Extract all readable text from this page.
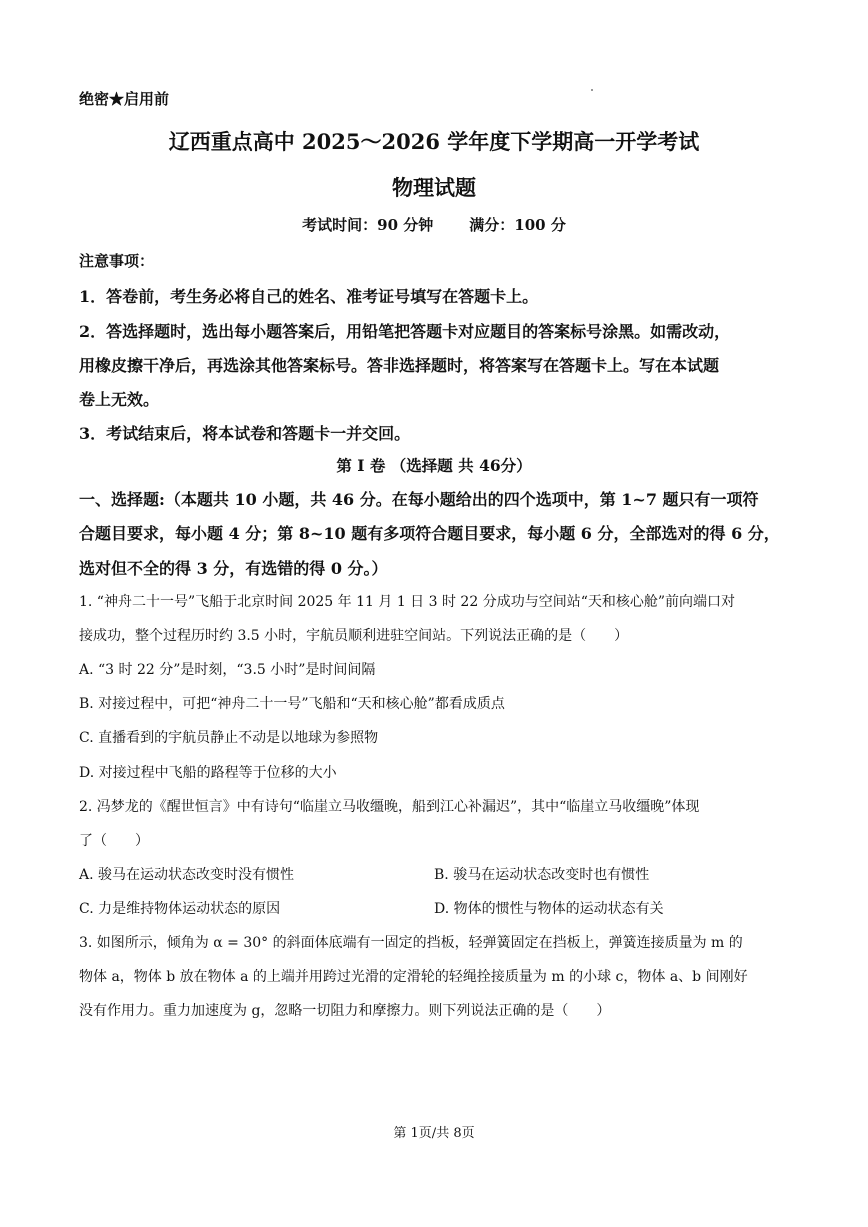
绝密★启用前
辽西重点高中 2025～2026 学年度下学期高一开学考试
物理试题
考试时间：90 分钟 满分：100 分
注意事项：
1．答卷前，考生务必将自己的姓名、准考证号填写在答题卡上。
2．答选择题时，选出每小题答案后，用铅笔把答题卡对应题目的答案标号涂黑。如需改动，
用橡皮擦干净后，再选涂其他答案标号。答非选择题时，将答案写在答题卡上。写在本试题
卷上无效。
3．考试结束后，将本试卷和答题卡一并交回。
第 I 卷 （选择题 共 46分）
一、选择题:（本题共 10 小题，共 46 分。在每小题给出的四个选项中，第 1~7 题只有一项符
合题目要求，每小题 4 分；第 8~10 题有多项符合题目要求，每小题 6 分，全部选对的得 6 分，
选对但不全的得 3 分，有选错的得 0 分。）
1. “神舟二十一号”飞船于北京时间 2025 年 11 月 1 日 3 时 22 分成功与空间站“天和核心舱”前向端口对
接成功，整个过程历时约 3.5 小时，宇航员顺利进驻空间站。下列说法正确的是（　　）
A. “3 时 22 分”是时刻，“3.5 小时”是时间间隔
B. 对接过程中，可把“神舟二十一号”飞船和“天和核心舱”都看成质点
C. 直播看到的宇航员静止不动是以地球为参照物
D. 对接过程中飞船的路程等于位移的大小
2. 冯梦龙的《醒世恒言》中有诗句“临崖立马收缰晚，船到江心补漏迟”，其中“临崖立马收缰晚”体现
了（　　）
A. 骏马在运动状态改变时没有惯性	B. 骏马在运动状态改变时也有惯性
C. 力是维持物体运动状态的原因	D. 物体的惯性与物体的运动状态有关
3. 如图所示，倾角为 α = 30° 的斜面体底端有一固定的挡板，轻弹簧固定在挡板上，弹簧连接质量为 m 的
物体 a，物体 b 放在物体 a 的上端并用跨过光滑的定滑轮的轻绳拴接质量为 m 的小球 c，物体 a、b 间刚好
没有作用力。重力加速度为 g，忽略一切阻力和摩擦力。则下列说法正确的是（　　）
第 1页/共 8页
